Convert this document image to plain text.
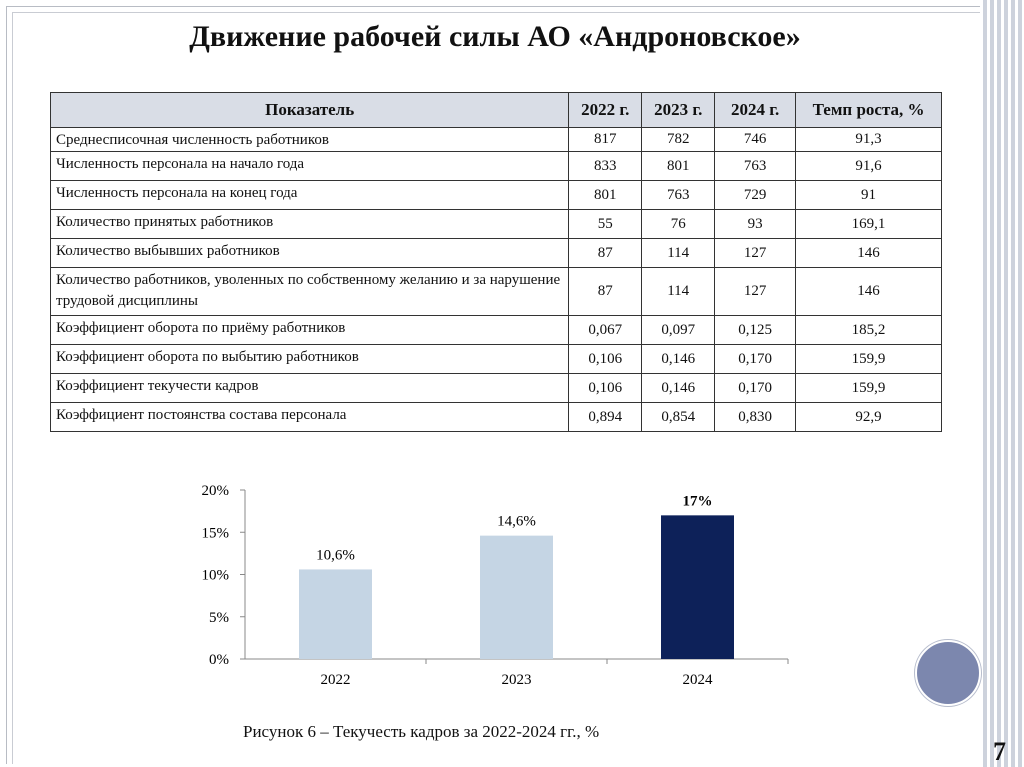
7
Движение рабочей силы АО «Андроновское»
Показатель	2022 г.	2023 г.	2024 г.	Темп роста, %
Среднесписочная численность работников	817	782	746	91,3
Численность персонала на начало года	833	801	763	91,6
Численность персонала на конец года	801	763	729	91
Количество принятых работников	55	76	93	169,1
Количество выбывших работников	87	114	127	146
Количество работников, уволенных по собственному желанию и за нарушение трудовой дисциплины	87	114	127	146
Коэффициент оборота по приёму работников	0,067	0,097	0,125	185,2
Коэффициент оборота по выбытию работников	0,106	0,146	0,170	159,9
Коэффициент текучести кадров	0,106	0,146	0,170	159,9
Коэффициент постоянства состава персонала	0,894	0,854	0,830	92,9
0%
5%
10%
15%
20%
10,6%
2022
14,6%
2023
17%
2024
Рисунок 6 – Текучесть кадров за 2022-2024 гг., %
